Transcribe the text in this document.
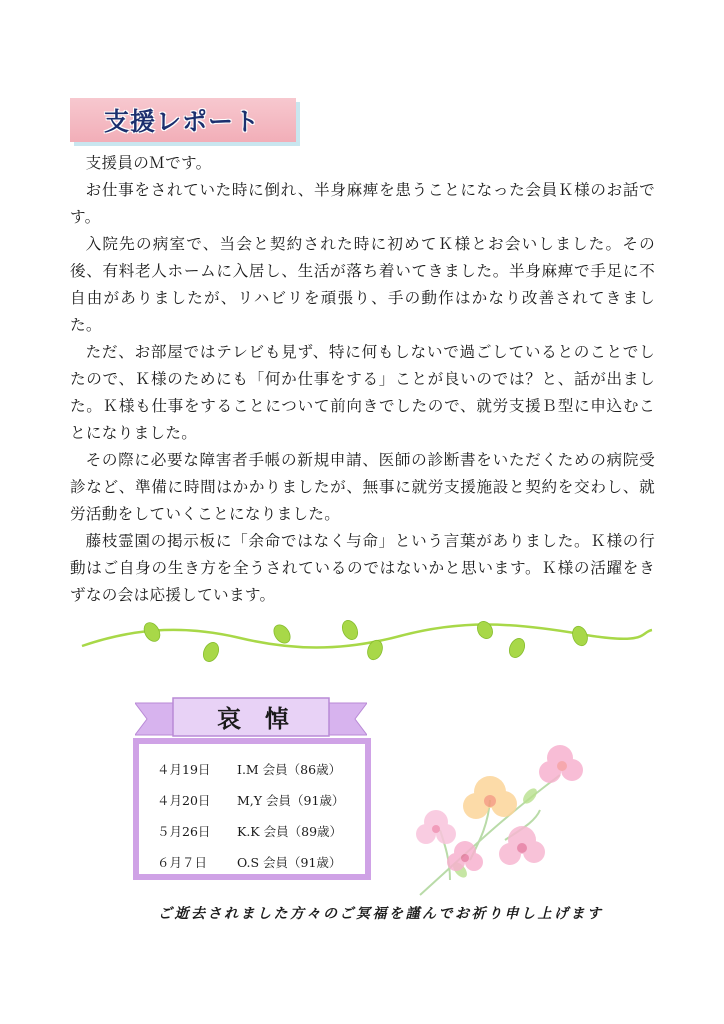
支援レポート

支援員のＭです。

お仕事をされていた時に倒れ、半身麻痺を患うことになった会員Ｋ様のお話です。

入院先の病室で、当会と契約された時に初めてＫ様とお会いしました。その後、有料老人ホームに入居し、生活が落ち着いてきました。半身麻痺で手足に不自由がありましたが、リハビリを頑張り、手の動作はかなり改善されてきました。

ただ、お部屋ではテレビも見ず、特に何もしないで過ごしているとのことでしたので、Ｋ様のためにも「何か仕事をする」ことが良いのでは？と、話が出ました。Ｋ様も仕事をすることについて前向きでしたので、就労支援Ｂ型に申込むことになりました。

その際に必要な障害者手帳の新規申請、医師の診断書をいただくための病院受診など、準備に時間はかかりましたが、無事に就労支援施設と契約を交わし、就労活動をしていくことになりました。

藤枝霊園の掲示板に「余命ではなく与命」という言葉がありました。Ｋ様の行動はご自身の生き方を全うされているのではないかと思います。Ｋ様の活躍をきずなの会は応援しています。

哀悼
４月19日 I.M 会員（86歳）
４月20日 M,Y 会員（91歳）
５月26日 K.K 会員（89歳）
６月７日 O.S 会員（91歳）
ご逝去されました方々のご冥福を謹んでお祈り申し上げます
